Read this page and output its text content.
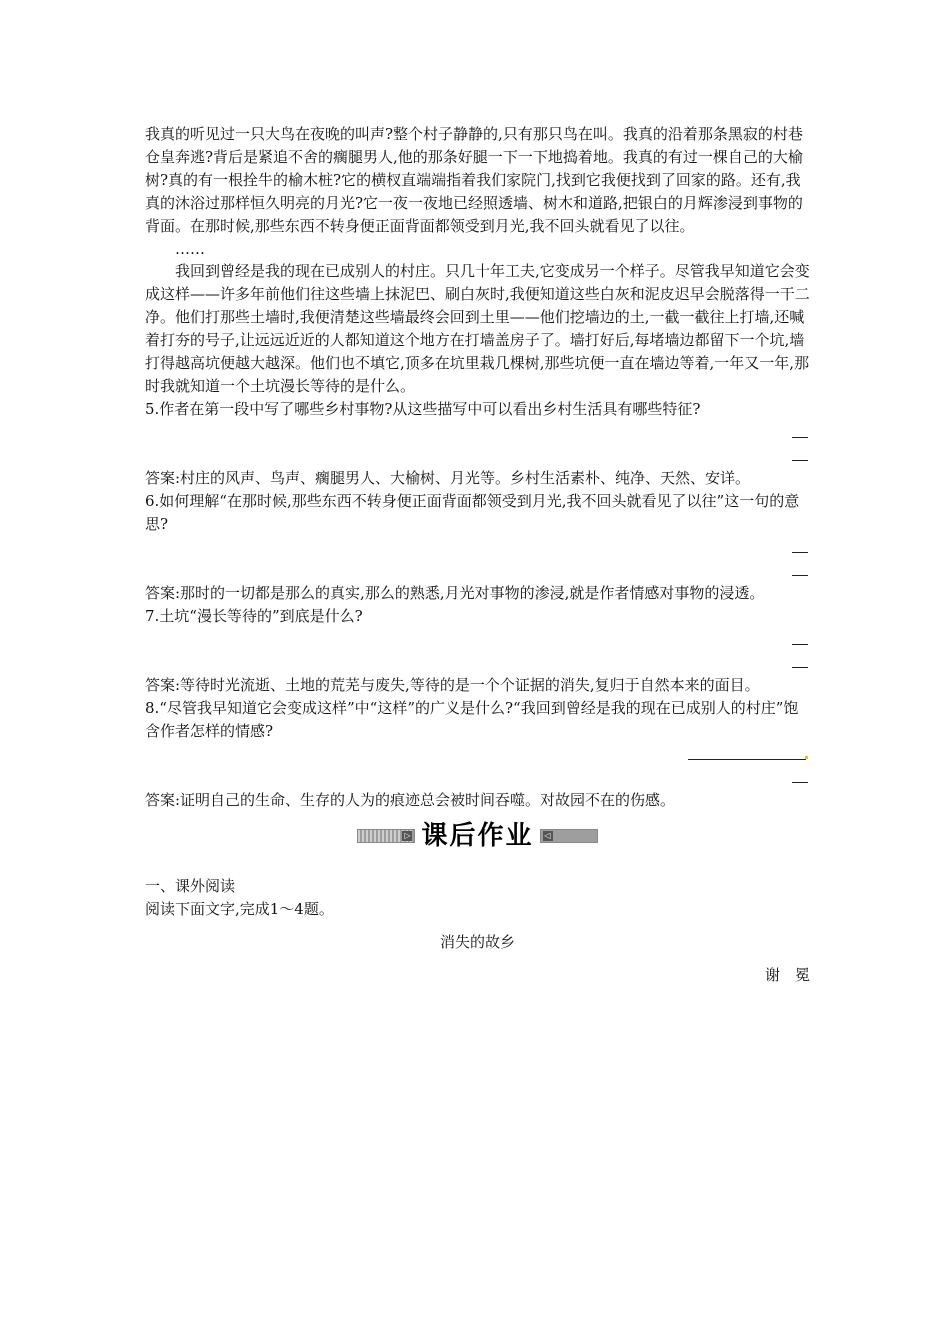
我真的听见过一只大鸟在夜晚的叫声?整个村子静静的,只有那只鸟在叫。我真的沿着那条黑寂的村巷仓皇奔逃?背后是紧追不舍的瘸腿男人,他的那条好腿一下一下地捣着地。我真的有过一棵自己的大榆树?真的有一根拴牛的榆木桩?它的横杈直端端指着我们家院门,找到它我便找到了回家的路。还有,我真的沐浴过那样恒久明亮的月光?它一夜一夜地已经照透墙、树木和道路,把银白的月辉渗浸到事物的背面。在那时候,那些东西不转身便正面背面都领受到月光,我不回头就看见了以往。

……

我回到曾经是我的现在已成别人的村庄。只几十年工夫,它变成另一个样子。尽管我早知道它会变成这样——许多年前他们往这些墙上抹泥巴、刷白灰时,我便知道这些白灰和泥皮迟早会脱落得一干二净。他们打那些土墙时,我便清楚这些墙最终会回到土里——他们挖墙边的土,一截一截往上打墙,还喊着打夯的号子,让远远近近的人都知道这个地方在打墙盖房子了。墙打好后,每堵墙边都留下一个坑,墙打得越高坑便越大越深。他们也不填它,顶多在坑里栽几棵树,那些坑便一直在墙边等着,一年又一年,那时我就知道一个土坑漫长等待的是什么。

5.作者在第一段中写了哪些乡村事物?从这些描写中可以看出乡村生活具有哪些特征?

答案:村庄的风声、鸟声、瘸腿男人、大榆树、月光等。乡村生活素朴、纯净、天然、安详。

6.如何理解“在那时候,那些东西不转身便正面背面都领受到月光,我不回头就看见了以往”这一句的意思?

答案:那时的一切都是那么的真实,那么的熟悉,月光对事物的渗浸,就是作者情感对事物的浸透。

7.土坑“漫长等待的”到底是什么?

答案:等待时光流逝、土地的荒芜与废失,等待的是一个个证据的消失,复归于自然本来的面目。

8.“尽管我早知道它会变成这样”中“这样”的广义是什么?“我回到曾经是我的现在已成别人的村庄”饱含作者怎样的情感?

答案:证明自己的生命、生存的人为的痕迹总会被时间吞噬。对故园不在的伤感。

▷ 课后作业 ◁

一、课外阅读

阅读下面文字,完成1～4题。

消失的故乡

谢　冕
